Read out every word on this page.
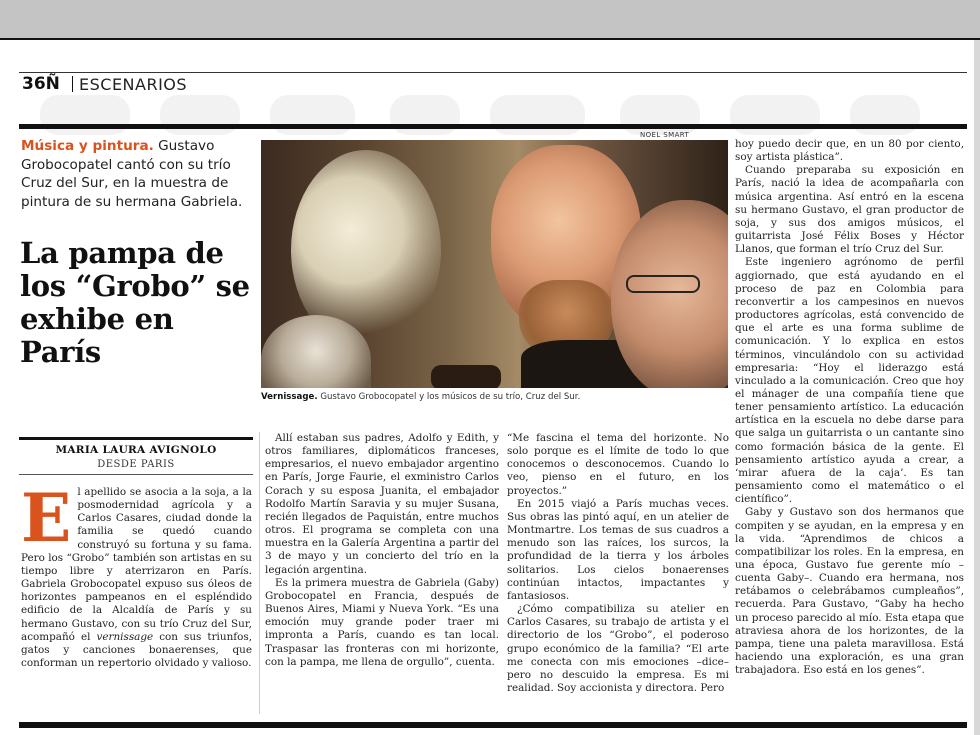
36Ñ ESCENARIOS
Música y pintura. Gustavo Grobocopatel cantó con su trío Cruz del Sur, en la muestra de pintura de su hermana Gabriela.
La pampa de los “Grobo” se exhibe en París
NOEL SMART
Vernissage. Gustavo Grobocopatel y los músicos de su trío, Cruz del Sur.
MARIA LAURA AVIGNOLO
DESDE PARIS

El apellido se asocia a la soja, a la posmodernidad agrícola y a Carlos Casares, ciudad donde la familia se quedó cuando construyó su fortuna y su fama. Pero los “Grobo” también son artistas en su tiempo libre y aterrizaron en París. Gabriela Grobocopatel expuso sus óleos de horizontes pampeanos en el espléndido edificio de la Alcaldía de París y su hermano Gustavo, con su trío Cruz del Sur, acompañó el vernissage con sus triunfos, gatos y canciones bonaerenses, que conforman un repertorio olvidado y valioso.

Allí estaban sus padres, Adolfo y Edith, y otros familiares, diplomáticos franceses, empresarios, el nuevo embajador argentino en París, Jorge Faurie, el exministro Carlos Corach y su esposa Juanita, el embajador Rodolfo Martín Saravia y su mujer Susana, recién llegados de Paquistán, entre muchos otros. El programa se completa con una muestra en la Galería Argentina a partir del 3 de mayo y un concierto del trío en la legación argentina.

Es la primera muestra de Gabriela (Gaby) Grobocopatel en Francia, después de Buenos Aires, Miami y Nueva York. “Es una emoción muy grande poder traer mi impronta a París, cuando es tan local. Traspasar las fronteras con mi horizonte, con la pampa, me llena de orgullo”, cuenta.

“Me fascina el tema del horizonte. No solo porque es el límite de todo lo que conocemos o desconocemos. Cuando lo veo, pienso en el futuro, en los proyectos.”

En 2015 viajó a París muchas veces. Sus obras las pintó aquí, en un atelier de Montmartre. Los temas de sus cuadros a menudo son las raíces, los surcos, la profundidad de la tierra y los árboles solitarios. Los cielos bonaerenses continúan intactos, impactantes y fantasiosos.

¿Cómo compatibiliza su atelier en Carlos Casares, su trabajo de artista y el directorio de los “Grobo”, el poderoso grupo económico de la familia? “El arte me conecta con mis emociones –dice– pero no descuido la empresa. Es mi realidad. Soy accionista y directora. Pero

hoy puedo decir que, en un 80 por ciento, soy artista plástica”.

Cuando preparaba su exposición en París, nació la idea de acompañarla con música argentina. Así entró en la escena su hermano Gustavo, el gran productor de soja, y sus dos amigos músicos, el guitarrista José Félix Boses y Héctor Llanos, que forman el trío Cruz del Sur.

Este ingeniero agrónomo de perfil aggiornado, que está ayudando en el proceso de paz en Colombia para reconvertir a los campesinos en nuevos productores agrícolas, está convencido de que el arte es una forma sublime de comunicación. Y lo explica en estos términos, vinculándolo con su actividad empresaria: “Hoy el liderazgo está vinculado a la comunicación. Creo que hoy el mánager de una compañía tiene que tener pensamiento artístico. La educación artística en la escuela no debe darse para que salga un guitarrista o un cantante sino como formación básica de la gente. El pensamiento artístico ayuda a crear, a ‘mirar afuera de la caja’. Es tan pensamiento como el matemático o el científico”.

Gaby y Gustavo son dos hermanos que compiten y se ayudan, en la empresa y en la vida. “Aprendimos de chicos a compatibilizar los roles. En la empresa, en una época, Gustavo fue gerente mío –cuenta Gaby–. Cuando era hermana, nos retábamos o celebrábamos cumpleaños”, recuerda. Para Gustavo, “Gaby ha hecho un proceso parecido al mío. Esta etapa que atraviesa ahora de los horizontes, de la pampa, tiene una paleta maravillosa. Está haciendo una exploración, es una gran trabajadora. Eso está en los genes”.
